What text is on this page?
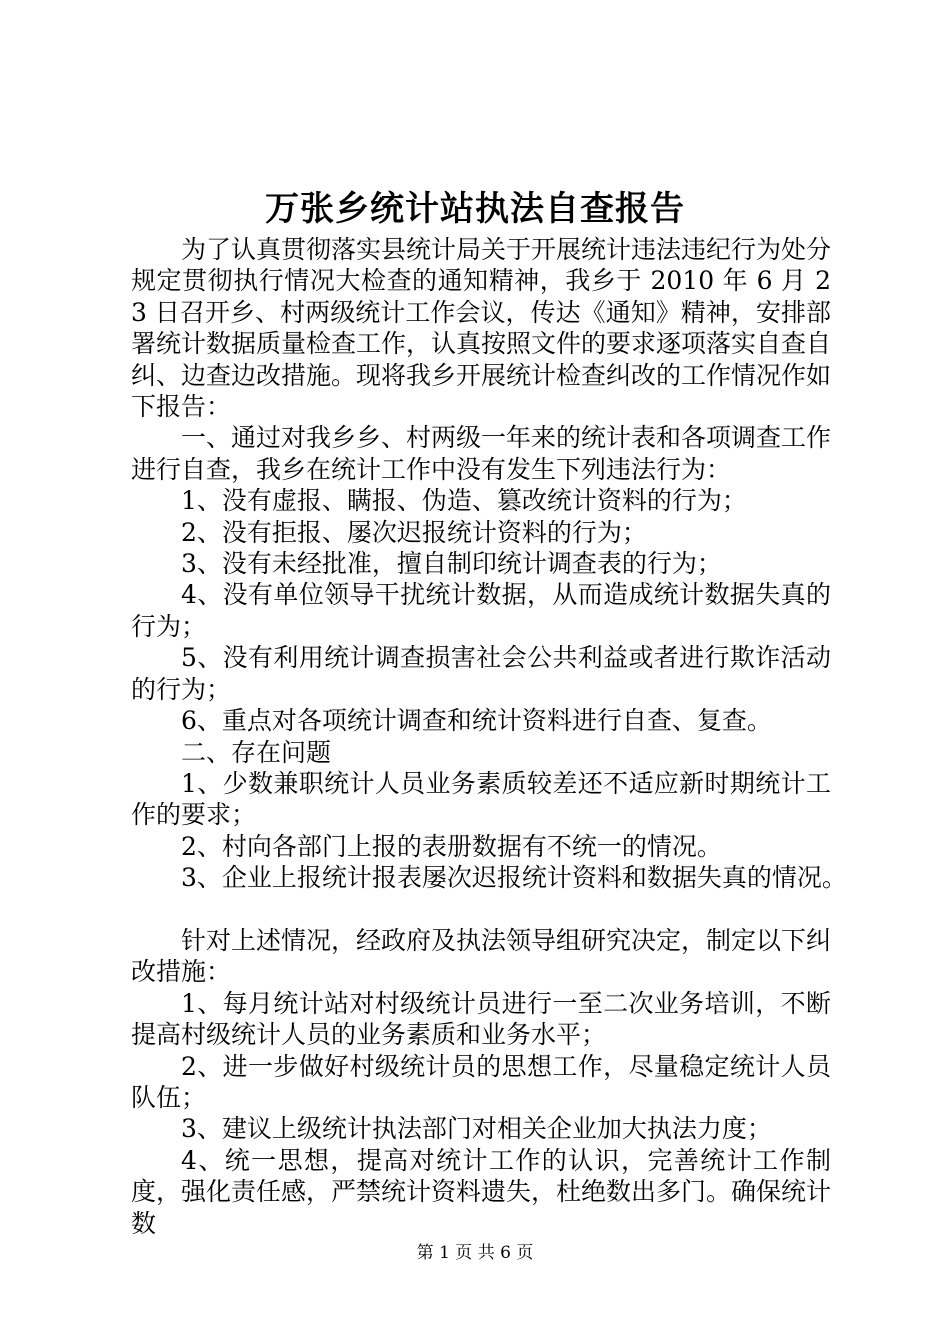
万张乡统计站执法自查报告

为了认真贯彻落实县统计局关于开展统计违法违纪行为处分规定贯彻执行情况大检查的通知精神，我乡于 2010 年 6 月 23 日召开乡、村两级统计工作会议，传达《通知》精神，安排部署统计数据质量检查工作，认真按照文件的要求逐项落实自查自纠、边查边改措施。现将我乡开展统计检查纠改的工作情况作如下报告：

一、通过对我乡乡、村两级一年来的统计表和各项调查工作进行自查，我乡在统计工作中没有发生下列违法行为：

1、没有虚报、瞒报、伪造、篡改统计资料的行为；

2、没有拒报、屡次迟报统计资料的行为；

3、没有未经批准，擅自制印统计调查表的行为；

4、没有单位领导干扰统计数据，从而造成统计数据失真的行为；

5、没有利用统计调查损害社会公共利益或者进行欺诈活动的行为；

6、重点对各项统计调查和统计资料进行自查、复查。

二、存在问题

1、少数兼职统计人员业务素质较差还不适应新时期统计工作的要求；

2、村向各部门上报的表册数据有不统一的情况。

3、企业上报统计报表屡次迟报统计资料和数据失真的情况。

针对上述情况，经政府及执法领导组研究决定，制定以下纠改措施：

1、每月统计站对村级统计员进行一至二次业务培训，不断提高村级统计人员的业务素质和业务水平；

2、进一步做好村级统计员的思想工作，尽量稳定统计人员队伍；

3、建议上级统计执法部门对相关企业加大执法力度；

4、统一思想，提高对统计工作的认识，完善统计工作制度，强化责任感，严禁统计资料遗失，杜绝数出多门。确保统计数

第 1 页 共 6 页
